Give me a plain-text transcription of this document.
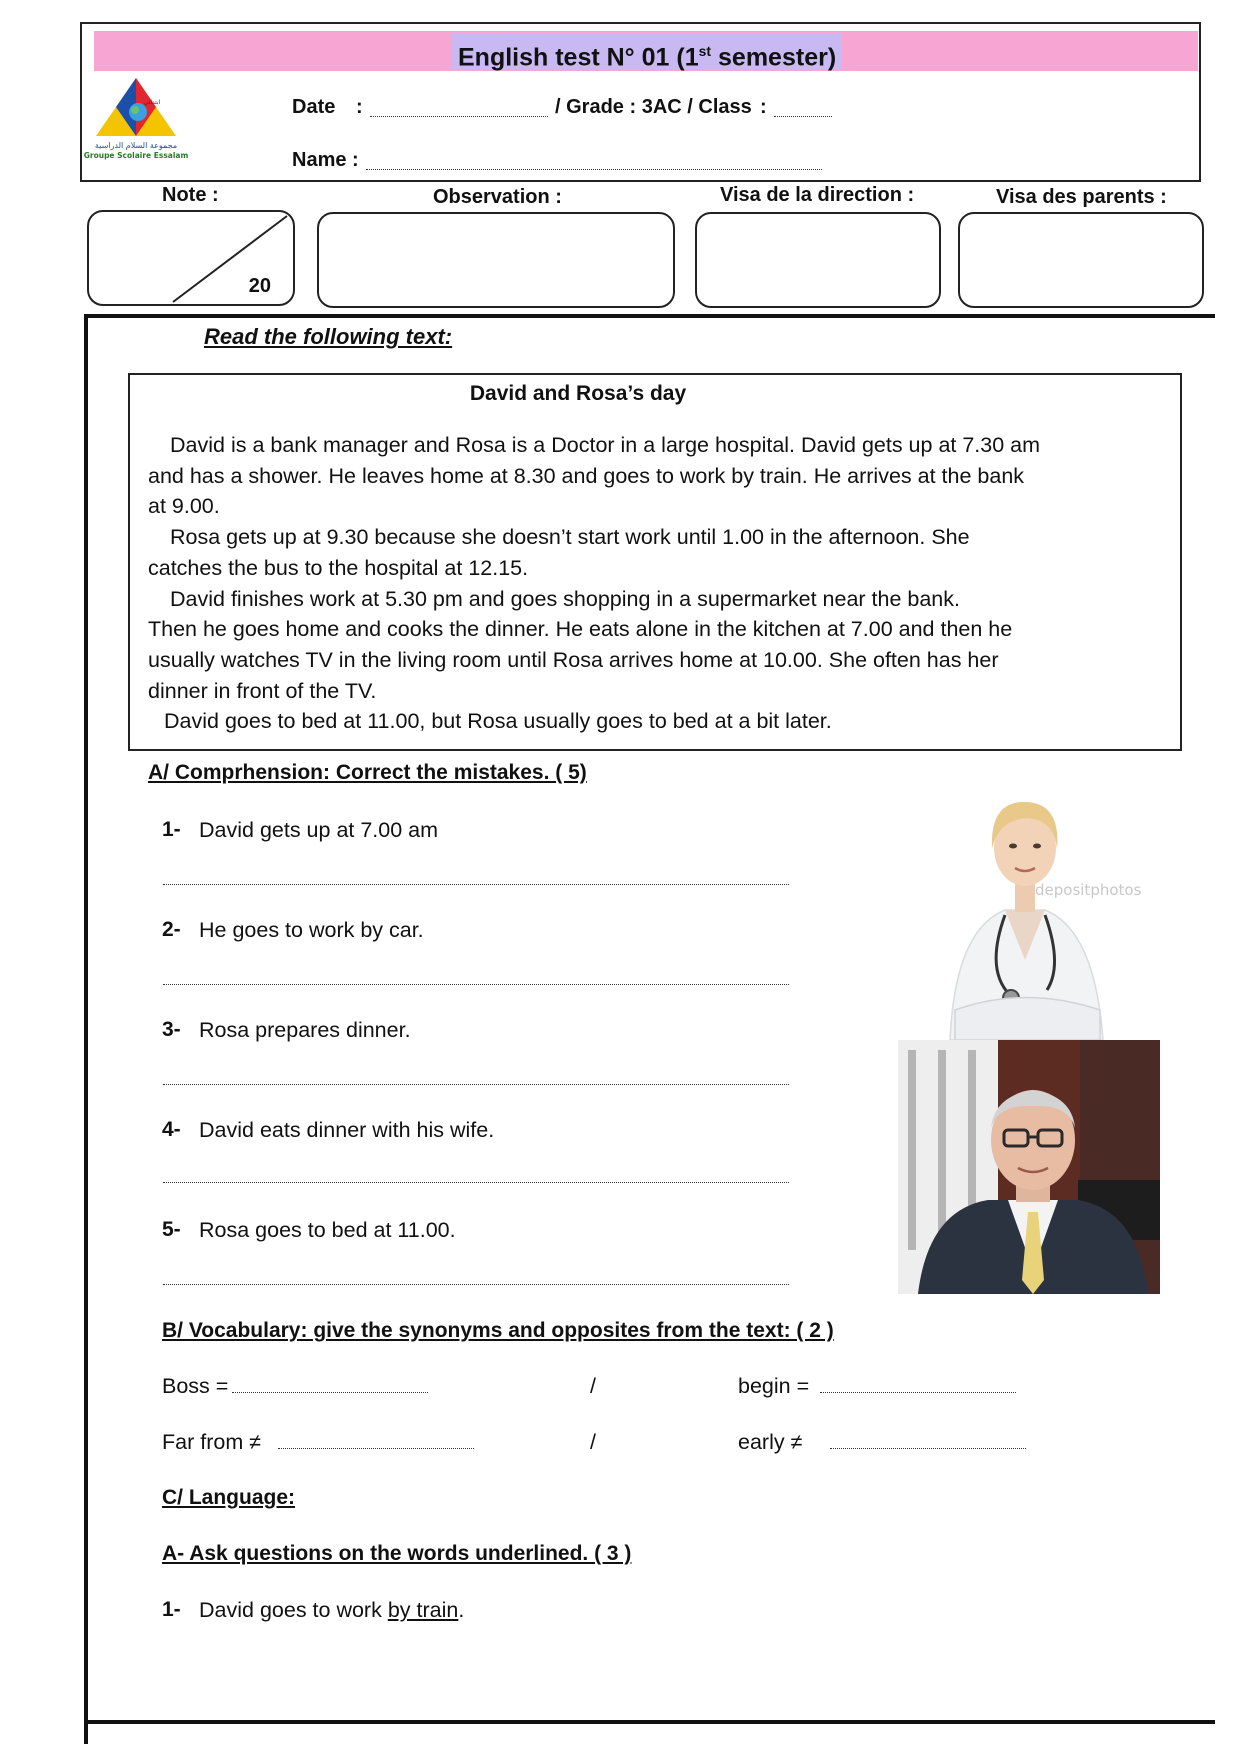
English test N° 01 (1st semester)
مجموعة السلام الدراسية
Groupe Scolaire Essalam
ابتدائي	Date :	/ Grade : 3AC / Class :
Name :
Note :	Observation :	Visa de la direction :	Visa des parents :
20
Read the following text:
David and Rosa’s day

David is a bank manager and Rosa is a Doctor in a large hospital. David gets up at 7.30 am

and has a shower. He leaves home at 8.30 and goes to work by train. He arrives at the bank

at 9.00.

Rosa gets up at 9.30 because she doesn’t start work until 1.00 in the afternoon. She

catches the bus to the hospital at 12.15.

David finishes work at 5.30 pm and goes shopping in a supermarket near the bank.

Then he goes home and cooks the dinner. He eats alone in the kitchen at 7.00 and then he

usually watches TV in the living room until Rosa arrives home at 10.00. She often has her

dinner in front of the TV.

David goes to bed at 11.00, but Rosa usually goes to bed at a bit later.

A/ Comprhension: Correct the mistakes. ( 5)
1- David gets up at 7.00 am
2- He goes to work by car.
3- Rosa prepares dinner.
4- David eats dinner with his wife.
5- Rosa goes to bed at 11.00.
depositphotos
B/ Vocabulary: give the synonyms and opposites from the text: ( 2 )
Boss =	/	begin =
Far from ≠	/	early ≠
C/ Language:
A- Ask questions on the words underlined. ( 3 )
1- David goes to work by train.
